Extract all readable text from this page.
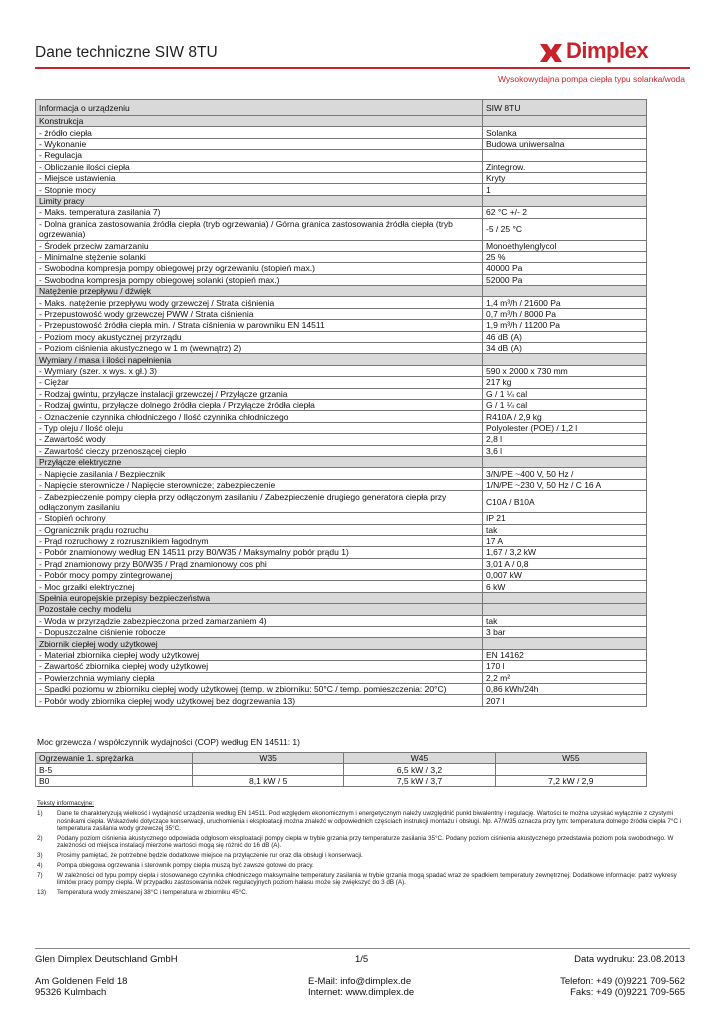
Dane techniczne SIW 8TU	Dimplex
Wysokowydajna pompa ciepła typu solanka/woda
Informacja o urządzeniu	SIW 8TU
Konstrukcja	
- źródło ciepła	Solanka
- Wykonanie	Budowa uniwersalna
- Regulacja	
- Obliczanie ilości ciepła	Zintegrow.
- Miejsce ustawienia	Kryty
- Stopnie mocy	1
Limity pracy	
- Maks. temperatura zasilania 7)	62 °C +/- 2
- Dolna granica zastosowania źródła ciepła (tryb ogrzewania) / Górna granica zastosowania źródła ciepła (tryb ogrzewania)	-5 / 25 °C
- Środek przeciw zamarzaniu	Monoethylenglycol
- Minimalne stężenie solanki	25 %
- Swobodna kompresja pompy obiegowej przy ogrzewaniu (stopień max.)	40000 Pa
- Swobodna kompresja pompy obiegowej solanki (stopień max.)	52000 Pa
Natężenie przepływu / dźwięk	
- Maks. natężenie przepływu wody grzewczej / Strata ciśnienia	1,4 m³/h / 21600 Pa
- Przepustowość wody grzewczej PWW / Strata ciśnienia	0,7 m³/h / 8000 Pa
- Przepustowość źródła ciepła min. / Strata ciśnienia w parowniku EN 14511	1,9 m³/h / 11200 Pa
- Poziom mocy akustycznej przyrządu	46 dB (A)
- Poziom ciśnienia akustycznego w 1 m (wewnątrz) 2)	34 dB (A)
Wymiary / masa i ilości napełnienia	
- Wymiary (szer. x wys. x gł.) 3)	590 x 2000 x 730 mm
- Ciężar	217 kg
- Rodzaj gwintu, przyłącze instalacji grzewczej / Przyłącze grzania	G / 1 ¼ cal
- Rodzaj gwintu, przyłącze dolnego źródła ciepła / Przyłącze źródła ciepła	G / 1 ¼ cal
- Oznaczenie czynnika chłodniczego / Ilość czynnika chłodniczego	R410A / 2,9 kg
- Typ oleju / Ilość oleju	Polyolester (POE) / 1,2 l
- Zawartość wody	2,8 l
- Zawartość cieczy przenoszącej ciepło	3,6 l
Przyłącze elektryczne	
- Napięcie zasilania / Bezpiecznik	3/N/PE ~400 V, 50 Hz /
- Napięcie sterownicze / Napięcie sterownicze; zabezpieczenie	1/N/PE ~230 V, 50 Hz / C 16 A
- Zabezpieczenie pompy ciepła przy odłączonym zasilaniu / Zabezpieczenie drugiego generatora ciepła przy odłączonym zasilaniu	C10A / B10A
- Stopień ochrony	IP 21
- Ogranicznik prądu rozruchu	tak
- Prąd rozruchowy z rozrusznikiem łagodnym	17 A
- Pobór znamionowy według EN 14511 przy B0/W35 / Maksymalny pobór prądu 1)	1,67 / 3,2 kW
- Prąd znamionowy przy B0/W35 / Prąd znamionowy cos phi	3,01 A / 0,8
- Pobór mocy pompy zintegrowanej	0,007 kW
- Moc grzałki elektrycznej	6 kW
Spełnia europejskie przepisy bezpieczeństwa	
Pozostałe cechy modelu	
- Woda w przyrządzie zabezpieczona przed zamarzaniem 4)	tak
- Dopuszczalne ciśnienie robocze	3 bar
Zbiornik ciepłej wody użytkowej	
- Materiał zbiornika ciepłej wody użytkowej	EN 14162
- Zawartość zbiornika ciepłej wody użytkowej	170 l
- Powierzchnia wymiany ciepła	2,2 m²
- Spadki poziomu w zbiorniku ciepłej wody użytkowej (temp. w zbiorniku: 50°C / temp. pomieszczenia: 20°C)	0,86 kWh/24h
- Pobór wody zbiornika ciepłej wody użytkowej bez dogrzewania 13)	207 l
Moc grzewcza / współczynnik wydajności (COP) według EN 14511: 1)
Ogrzewanie 1. sprężarka	W35	W45	W55
B-5		6,5 kW / 3,2	
B0	8,1 kW / 5	7,5 kW / 3,7	7,2 kW / 2,9
Teksty informacyjne:
1)	Dane te charakteryzują wielkość i wydajność urządzenia według EN 14511. Pod względem ekonomicznym i energetycznym należy uwzględnić punkt biwalentny i regulację. Wartości te można uzyskać wyłącznie z czystymi nośnikami ciepła. Wskazówki dotyczące konserwacji, uruchomienia i eksploatacji można znaleźć w odpowiednich częściach instrukcji montażu i obsługi. Np. A7/W35 oznacza przy tym: temperatura dolnego źródła ciepła 7°C i temperatura zasilania wody grzewczej 35°C.
2)	Podany poziom ciśnienia akustycznego odpowiada odgłosom eksploatacji pompy ciepła w trybie grzania przy temperaturze zasilania 35°C. Podany poziom ciśnienia akustycznego przedstawia poziom pola swobodnego. W zależności od miejsca instalacji mierzone wartości mogą się różnić do 16 dB (A).
3)	Prosimy pamiętać, że potrzebne będzie dodatkowe miejsce na przyłączenie rur oraz dla obsługi i konserwacji.
4)	Pompa obiegowa ogrzewania i sterownik pompy ciepła muszą być zawsze gotowe do pracy.
7)	W zależności od typu pompy ciepła i stosowanego czynnika chłodniczego maksymalne temperatury zasilania w trybie grzania mogą spadać wraz ze spadkiem temperatury zewnętrznej. Dodatkowe informacje: patrz wykresy limitów pracy pompy ciepła. W przypadku zastosowania nóżek regulacyjnych poziom hałasu może się zwiększyć do 3 dB (A).
13)	Temperatura wody zmieszanej 38°C i temperatura w zbiorniku 45°C.
Glen Dimplex Deutschland GmbH	1/5	Data wydruku: 23.08.2013
Am Goldenen Feld 18
95326 Kulmbach
E-Mail: info@dimplex.de
Internet: www.dimplex.de
Telefon: +49 (0)9221 709-562
Faks: +49 (0)9221 709-565
